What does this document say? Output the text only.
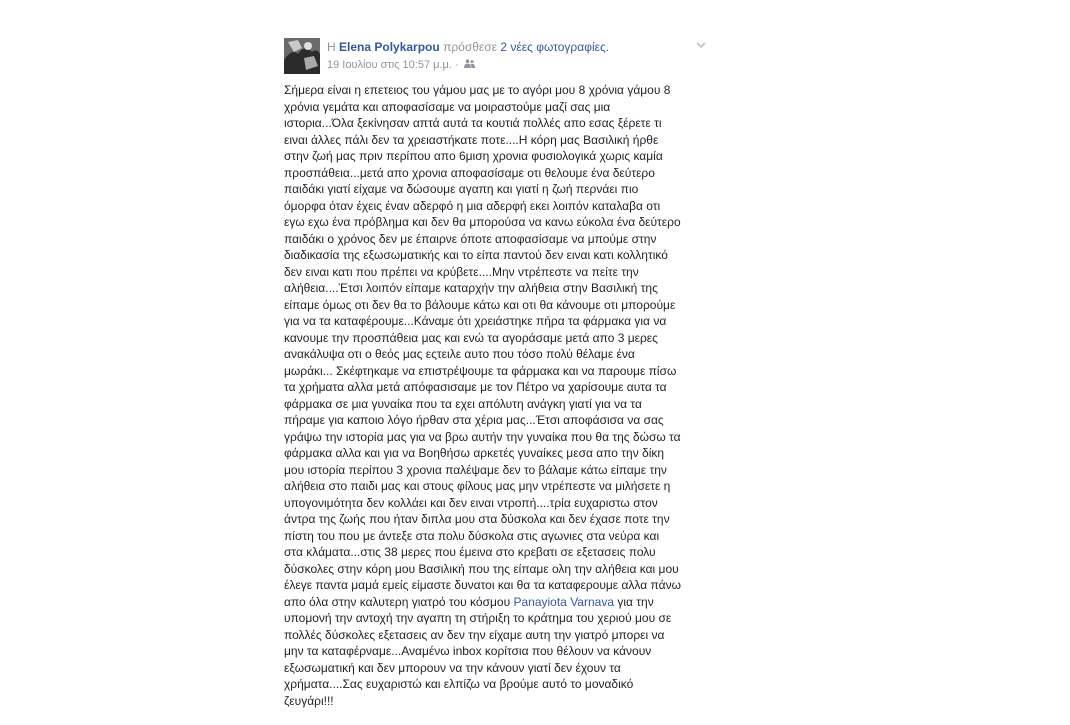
Η Elena Polykarpou πρόσθεσε 2 νέες φωτογραφίες.
19 Ιουλίου στις 10:57 μ.μ. ·
Σήμερα είναι η επετειος του γάμου μας με το αγόρι μου 8 χρόνια γάμου 8
χρόνια γεμάτα και αποφασίσαμε να μοιραστούμε μαζί σας μια
ιστορια...Όλα ξεκίνησαν απτά αυτά τα κουτιά πολλές απο εσας ξέρετε τι
ειναι άλλες πάλι δεν τα χρειαστήκατε ποτε....Η κόρη μας Βασιλική ήρθε
στην ζωή μας πριν περίπου απο 6μιση χρονια φυσιολογικά χωρις καμία
προσπάθεια...μετά απο χρονια αποφασίσαμε οτι θελουμε ένα δεύτερο
παιδάκι γιατί είχαμε να δώσουμε αγαπη και γιατί η ζωή περνάει πιο
όμορφα όταν έχεις έναν αδερφό η μια αδερφή εκει λοιπόν καταλαβα οτι
εγω εχω ένα πρόβλημα και δεν θα μπορούσα να κανω εύκολα ένα δεύτερο
παιδάκι ο χρόνος δεν με έπαιρνε όποτε αποφασίσαμε να μπούμε στην
διαδικασία της εξωσωματικής και το είπα παντού δεν ειναι κατι κολλητικό
δεν ειναι κατι που πρέπει να κρύβετε....Μην ντρέπεστε να πείτε την
αλήθεια....Έτσι λοιπόν είπαμε καταρχήν την αλήθεια στην Βασιλική της
είπαμε όμως οτι δεν θα το βάλουμε κάτω και οτι θα κάνουμε οτι μπορούμε
για να τα καταφέρουμε...Κάναμε ότι χρειάστηκε πήρα τα φάρμακα για να
κανουμε την προσπάθεια μας και ενώ τα αγοράσαμε μετά απο 3 μερες
ανακάλυψα οτι ο θεός μας εςτειλε αυτο που τόσο πολύ θέλαμε ένα
μωράκι... Σκέφτηκαμε να επιστρέψουμε τα φάρμακα και να παρουμε πίσω
τα χρήματα αλλα μετά απόφασισαμε με τον Πέτρο να χαρίσουμε αυτα τα
φάρμακα σε μια γυναίκα που τα εχει απόλυτη ανάγκη γιατί για να τα
πήραμε για καποιο λόγο ήρθαν στα χέρια μας...Έτσι αποφάσισα να σας
γράψω την ιστορία μας για να βρω αυτήν την γυναίκα που θα της δώσω τα
φάρμακα αλλα και για να Βοηθήσω αρκετές γυναίκες μεσα απο την δίκη
μου ιστορία περίπου 3 χρονια παλέψαμε δεν το βάλαμε κάτω είπαμε την
αλήθεια στο παιδι μας και στους φίλους μας μην ντρέπεστε να μιλήσετε η
υπογονιμότητα δεν κολλάει και δεν ειναι ντροπή....τρία ευχαριστω στον
άντρα της ζωής που ήταν διπλα μου στα δύσκολα και δεν έχασε ποτε την
πίστη του που με άντεξε στα πολυ δύσκολα στις αγωνιες στα νεύρα και
στα κλάματα...στις 38 μερες που έμεινα στο κρεβατι σε εξετασεις πολυ
δύσκολες στην κόρη μου Βασιλική που της είπαμε ολη την αλήθεια και μου
έλεγε παντα μαμά εμείς είμαστε δυνατοι και θα τα καταφερουμε αλλα πάνω
απο όλα στην καλυτερη γιατρό του κόσμου Panayiota Varnava για την
υπομονή την αντοχή την αγαπη τη στήριξη το κράτημα του χεριού μου σε
πολλές δύσκολες εξετασεις αν δεν την είχαμε αυτη την γιατρό μπορει να
μην τα καταφέρναμε...Αναμένω inbox κορίτσια που θέλουν να κάνουν
εξωσωματική και δεν μπορουν να την κάνουν γιατί δεν έχουν τα
χρήματα....Σας ευχαριστώ και ελπίζω να βρούμε αυτό το μοναδικό
ζευγάρι!!!
